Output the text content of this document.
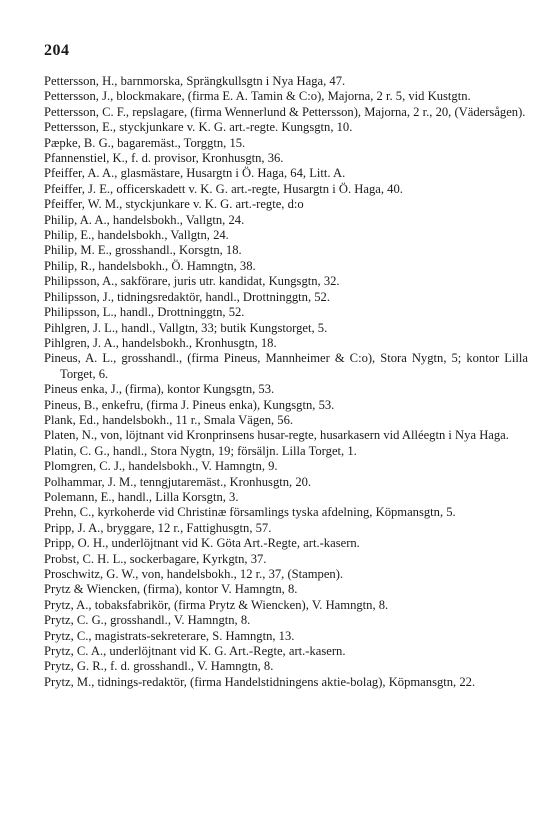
204

Pettersson, H., barnmorska, Sprängkullsgtn i Nya Haga, 47.

Pettersson, J., blockmakare, (firma E. A. Tamin & C:o), Majorna, 2 r. 5, vid Kustgtn.

Pettersson, C. F., repslagare, (firma Wennerlund & Pettersson), Majorna, 2 r., 20, (Vädersågen).

Pettersson, E., styckjunkare v. K. G. art.-regte. Kungsgtn, 10.

Pæpke, B. G., bagaremäst., Torggtn, 15.

Pfannenstiel, K., f. d. provisor, Kronhusgtn, 36.

Pfeiffer, A. A., glasmästare, Husargtn i Ö. Haga, 64, Litt. A.

Pfeiffer, J. E., officerskadett v. K. G. art.-regte, Husargtn i Ö. Haga, 40.

Pfeiffer, W. M., styckjunkare v. K. G. art.-regte, d:o

Philip, A. A., handelsbokh., Vallgtn, 24.

Philip, E., handelsbokh., Vallgtn, 24.

Philip, M. E., grosshandl., Korsgtn, 18.

Philip, R., handelsbokh., Ö. Hamngtn, 38.

Philipsson, A., sakförare, juris utr. kandidat, Kungsgtn, 32.

Philipsson, J., tidningsredaktör, handl., Drottninggtn, 52.

Philipsson, L., handl., Drottninggtn, 52.

Pihlgren, J. L., handl., Vallgtn, 33; butik Kungstorget, 5.

Pihlgren, J. A., handelsbokh., Kronhusgtn, 18.

Pineus, A. L., grosshandl., (firma Pineus, Mannheimer & C:o), Stora Nygtn, 5; kontor Lilla Torget, 6.

Pineus enka, J., (firma), kontor Kungsgtn, 53.

Pineus, B., enkefru, (firma J. Pineus enka), Kungsgtn, 53.

Plank, Ed., handelsbokh., 11 r., Smala Vägen, 56.

Platen, N., von, löjtnant vid Kronprinsens husar-regte, husarkasern vid Alléegtn i Nya Haga.

Platin, C. G., handl., Stora Nygtn, 19; försäljn. Lilla Torget, 1.

Plomgren, C. J., handelsbokh., V. Hamngtn, 9.

Polhammar, J. M., tenngjutaremäst., Kronhusgtn, 20.

Polemann, E., handl., Lilla Korsgtn, 3.

Prehn, C., kyrkoherde vid Christinæ församlings tyska afdelning, Köpmansgtn, 5.

Pripp, J. A., bryggare, 12 r., Fattighusgtn, 57.

Pripp, O. H., underlöjtnant vid K. Göta Art.-Regte, art.-kasern.

Probst, C. H. L., sockerbagare, Kyrkgtn, 37.

Proschwitz, G. W., von, handelsbokh., 12 r., 37, (Stampen).

Prytz & Wiencken, (firma), kontor V. Hamngtn, 8.

Prytz, A., tobaksfabrikör, (firma Prytz & Wiencken), V. Hamngtn, 8.

Prytz, C. G., grosshandl., V. Hamngtn, 8.

Prytz, C., magistrats-sekreterare, S. Hamngtn, 13.

Prytz, C. A., underlöjtnant vid K. G. Art.-Regte, art.-kasern.

Prytz, G. R., f. d. grosshandl., V. Hamngtn, 8.

Prytz, M., tidnings-redaktör, (firma Handelstidningens aktie-bolag), Köpmansgtn, 22.
